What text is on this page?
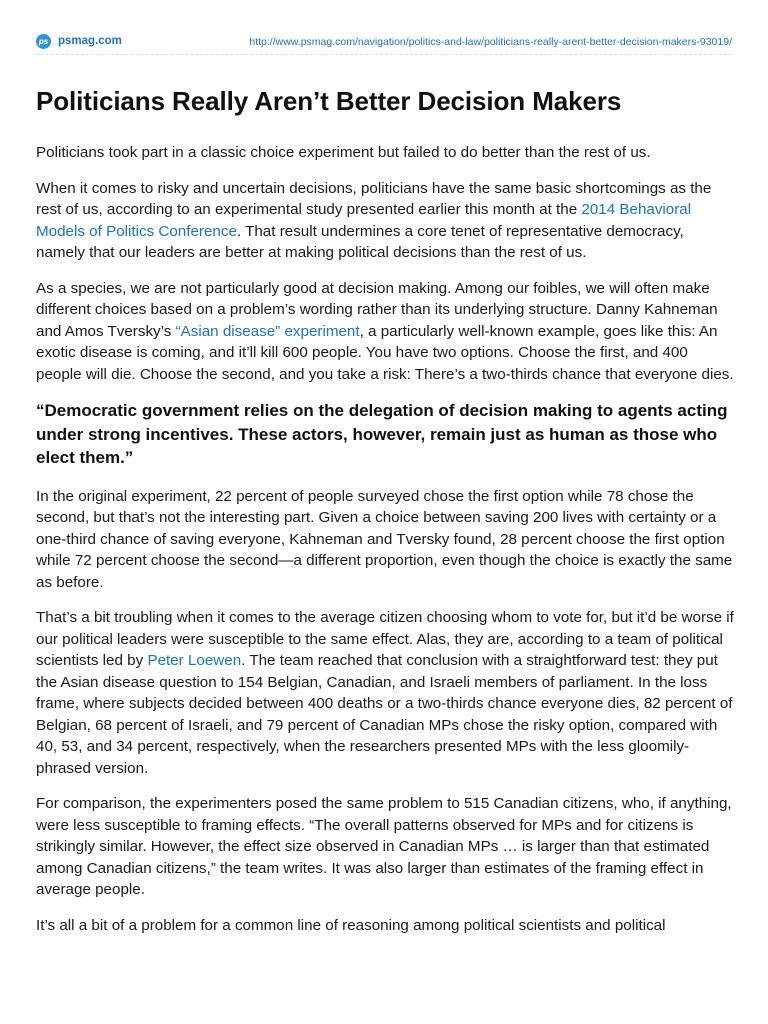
ps psmag.com	http://www.psmag.com/navigation/politics-and-law/politicians-really-arent-better-decision-makers-93019/
Politicians Really Aren’t Better Decision Makers

Politicians took part in a classic choice experiment but failed to do better than the rest of us.

When it comes to risky and uncertain decisions, politicians have the same basic shortcomings as the rest of us, according to an experimental study presented earlier this month at the 2014 Behavioral Models of Politics Conference. That result undermines a core tenet of representative democracy, namely that our leaders are better at making political decisions than the rest of us.

As a species, we are not particularly good at decision making. Among our foibles, we will often make different choices based on a problem’s wording rather than its underlying structure. Danny Kahneman and Amos Tversky’s “Asian disease” experiment, a particularly well-known example, goes like this: An exotic disease is coming, and it’ll kill 600 people. You have two options. Choose the first, and 400 people will die. Choose the second, and you take a risk: There’s a two-thirds chance that everyone dies.

“Democratic government relies on the delegation of decision making to agents acting under strong incentives. These actors, however, remain just as human as those who elect them.”

In the original experiment, 22 percent of people surveyed chose the first option while 78 chose the second, but that’s not the interesting part. Given a choice between saving 200 lives with certainty or a one-third chance of saving everyone, Kahneman and Tversky found, 28 percent choose the first option while 72 percent choose the second—a different proportion, even though the choice is exactly the same as before.

That’s a bit troubling when it comes to the average citizen choosing whom to vote for, but it’d be worse if our political leaders were susceptible to the same effect. Alas, they are, according to a team of political scientists led by Peter Loewen. The team reached that conclusion with a straightforward test: they put the Asian disease question to 154 Belgian, Canadian, and Israeli members of parliament. In the loss frame, where subjects decided between 400 deaths or a two-thirds chance everyone dies, 82 percent of Belgian, 68 percent of Israeli, and 79 percent of Canadian MPs chose the risky option, compared with 40, 53, and 34 percent, respectively, when the researchers presented MPs with the less gloomily-phrased version.

For comparison, the experimenters posed the same problem to 515 Canadian citizens, who, if anything, were less susceptible to framing effects. “The overall patterns observed for MPs and for citizens is strikingly similar. However, the effect size observed in Canadian MPs … is larger than that estimated among Canadian citizens,” the team writes. It was also larger than estimates of the framing effect in average people.

It’s all a bit of a problem for a common line of reasoning among political scientists and political
